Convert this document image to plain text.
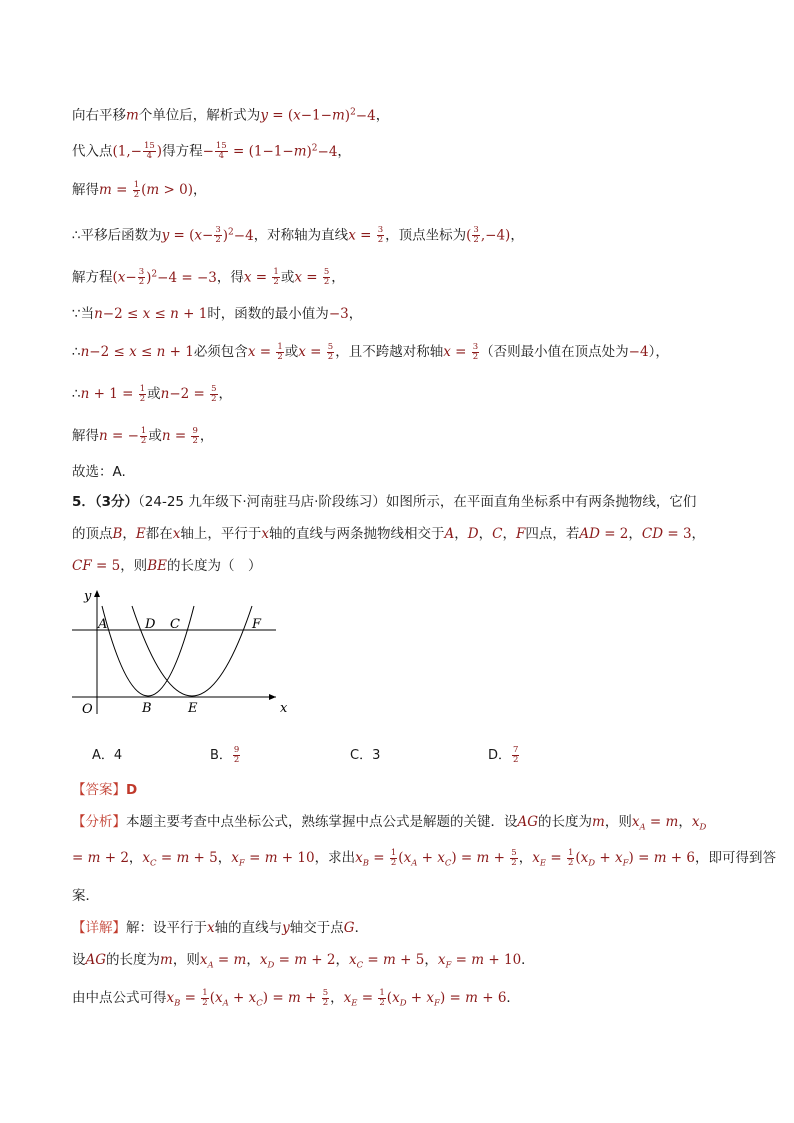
向右平移m个单位后，解析式为$y = (x-1-m)^2-4$，
代入点($1,- \frac{15}{4}$ )得方程− $\frac{15}{4} = (1-1-m)^2-4$，
解得$m = \frac{1}{2} (m > 0)$，
∴平移后函数为$y = (x- \frac{3}{2} )^2-4$，对称轴为直线$x = \frac{3}{2}$ ，顶点坐标为( $\frac{3}{2} ,-4$)，
解方程$(x- \frac{3}{2} )^2-4 = -3$，得$x = \frac{1}{2}$ 或$x = \frac{5}{2}$ ，
∵当n−2 ≤ x ≤ n + 1时，函数的最小值为−3，
∴n−2 ≤ x ≤ n + 1必须包含$x = \frac{1}{2}$ 或$x = \frac{5}{2}$ ，且不跨越对称轴$x = \frac{3}{2}$ （否则最小值在顶点处为−4），
∴n + $1 = \frac{1}{2}$ 或$n-2 = \frac{5}{2}$ ，
解得n = − $\frac{1}{2}$ 或$n = \frac{9}{2}$ ，
故选：A.
5．（3分）（24-25 九年级下·河南驻马店·阶段练习）如图所示，在平面直角坐标系中有两条抛物线，它们
的顶点B，E都在x轴上，平行于x轴的直线与两条抛物线相交于A，D，C，F四点，若AD = 2，CD = 3，
CF = 5，则BE的长度为（　）
y
x
O
A	D C	F
B	E
A．4	B． $\frac{9}{2}$	C．3	D． $\frac{7}{2}$
【答案】D
【分析】本题主要考查中点坐标公式，熟练掌握中点公式是解题的关键．设AG的长度为m，则$x_A = m$，$x_D$
= m + 2，$x_C = m + 5$，$x_F = m + 10$，求出$x_B = \frac{1}{2} (x_A + x_C) = m + \frac{5}{2}$ ，$x_E = \frac{1}{2} (x_D + x_F) = m + 6$，即可得到答
案．
【详解】解：设平行于x轴的直线与y轴交于点G．
设AG的长度为m，则$x_A = m$，$x_D = m + 2$，$x_C = m + 5$，$x_F = m + 10$．
由中点公式可得$x_B = \frac{1}{2} (x_A + x_C) = m + \frac{5}{2}$ ，$x_E = \frac{1}{2} (x_D + x_F) = m + 6$．
